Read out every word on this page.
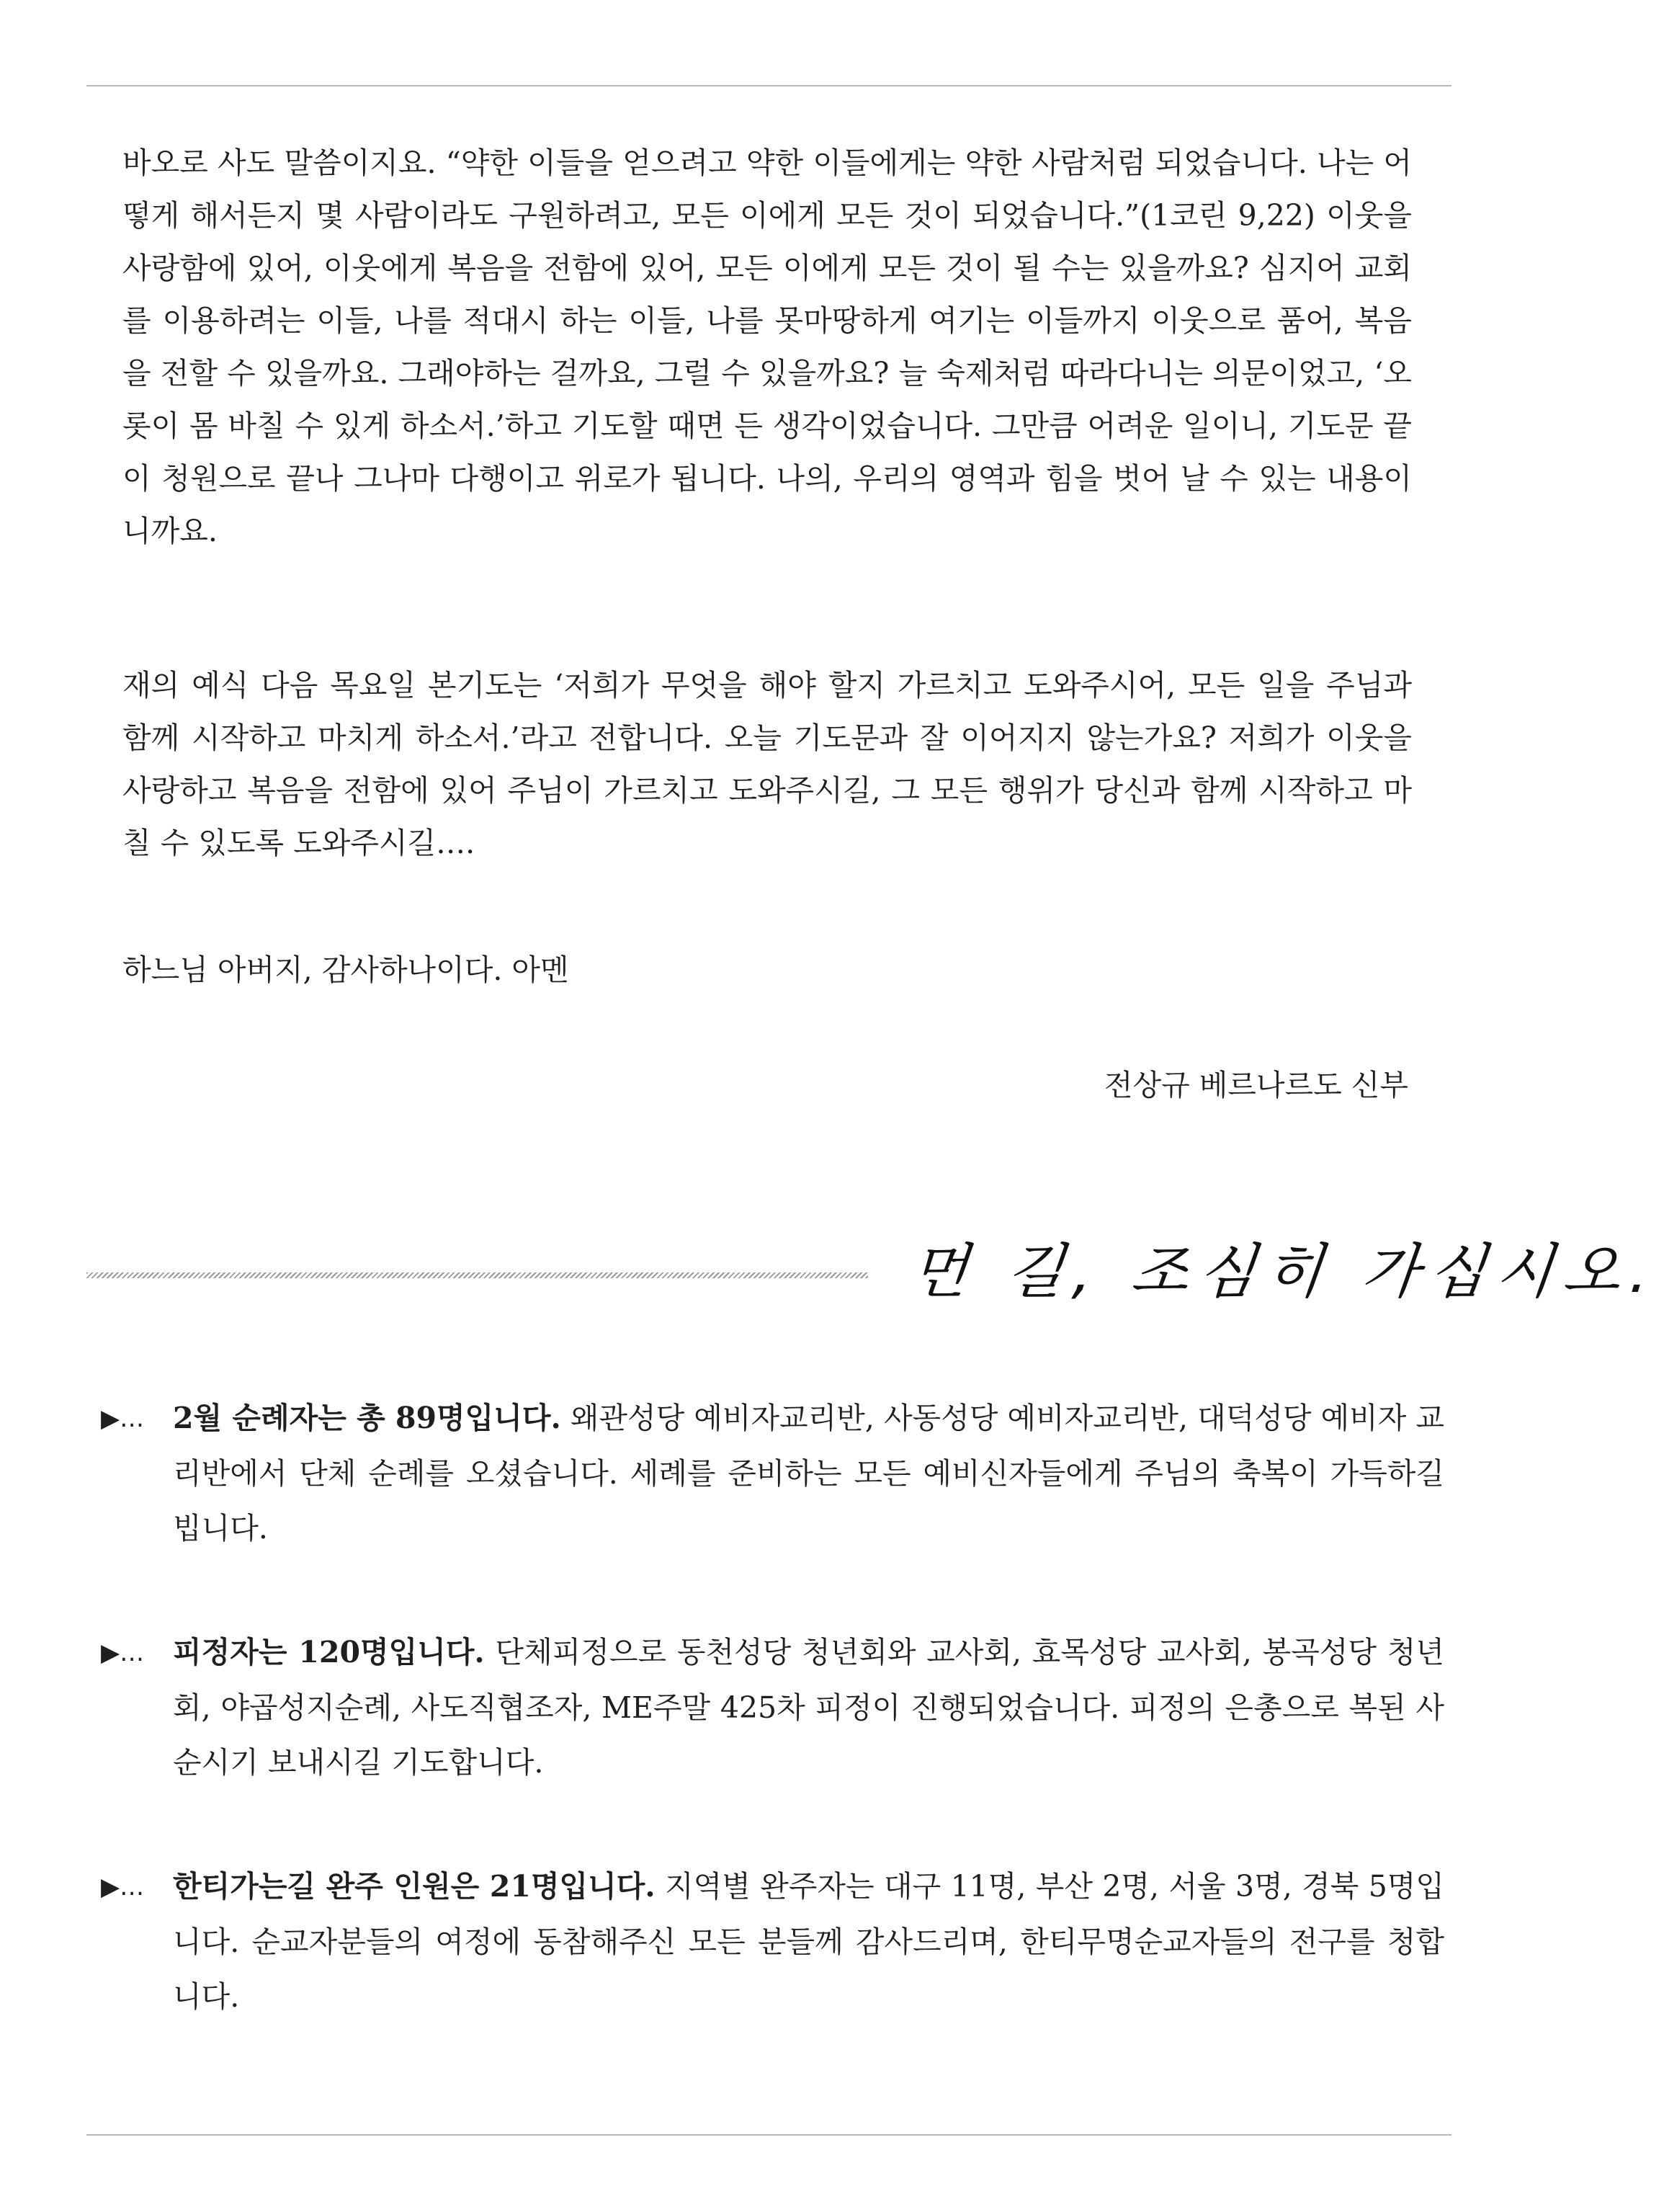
바오로 사도 말씀이지요. “약한 이들을 얻으려고 약한 이들에게는 약한 사람처럼 되었습니다. 나는 어떻게 해서든지 몇 사람이라도 구원하려고, 모든 이에게 모든 것이 되었습니다.”(1코린 9,22) 이웃을 사랑함에 있어, 이웃에게 복음을 전함에 있어, 모든 이에게 모든 것이 될 수는 있을까요? 심지어 교회를 이용하려는 이들, 나를 적대시 하는 이들, 나를 못마땅하게 여기는 이들까지 이웃으로 품어, 복음을 전할 수 있을까요. 그래야하는 걸까요, 그럴 수 있을까요? 늘 숙제처럼 따라다니는 의문이었고, ‘오롯이 몸 바칠 수 있게 하소서.’하고 기도할 때면 든 생각이었습니다. 그만큼 어려운 일이니, 기도문 끝이 청원으로 끝나 그나마 다행이고 위로가 됩니다. 나의, 우리의 영역과 힘을 벗어 날 수 있는 내용이니까요.

재의 예식 다음 목요일 본기도는 ‘저희가 무엇을 해야 할지 가르치고 도와주시어, 모든 일을 주님과 함께 시작하고 마치게 하소서.’라고 전합니다. 오늘 기도문과 잘 이어지지 않는가요? 저희가 이웃을 사랑하고 복음을 전함에 있어 주님이 가르치고 도와주시길, 그 모든 행위가 당신과 함께 시작하고 마칠 수 있도록 도와주시길….

하느님 아버지, 감사하나이다. 아멘

전상규 베르나르도 신부

먼 길, 조심히 가십시오.

▶… 2월 순례자는 총 89명입니다. 왜관성당 예비자교리반, 사동성당 예비자교리반, 대덕성당 예비자 교리반에서 단체 순례를 오셨습니다. 세례를 준비하는 모든 예비신자들에게 주님의 축복이 가득하길 빕니다.

▶… 피정자는 120명입니다. 단체피정으로 동천성당 청년회와 교사회, 효목성당 교사회, 봉곡성당 청년회, 야곱성지순례, 사도직협조자, ME주말 425차 피정이 진행되었습니다. 피정의 은총으로 복된 사순시기 보내시길 기도합니다.

▶… 한티가는길 완주 인원은 21명입니다. 지역별 완주자는 대구 11명, 부산 2명, 서울 3명, 경북 5명입니다. 순교자분들의 여정에 동참해주신 모든 분들께 감사드리며, 한티무명순교자들의 전구를 청합니다.
